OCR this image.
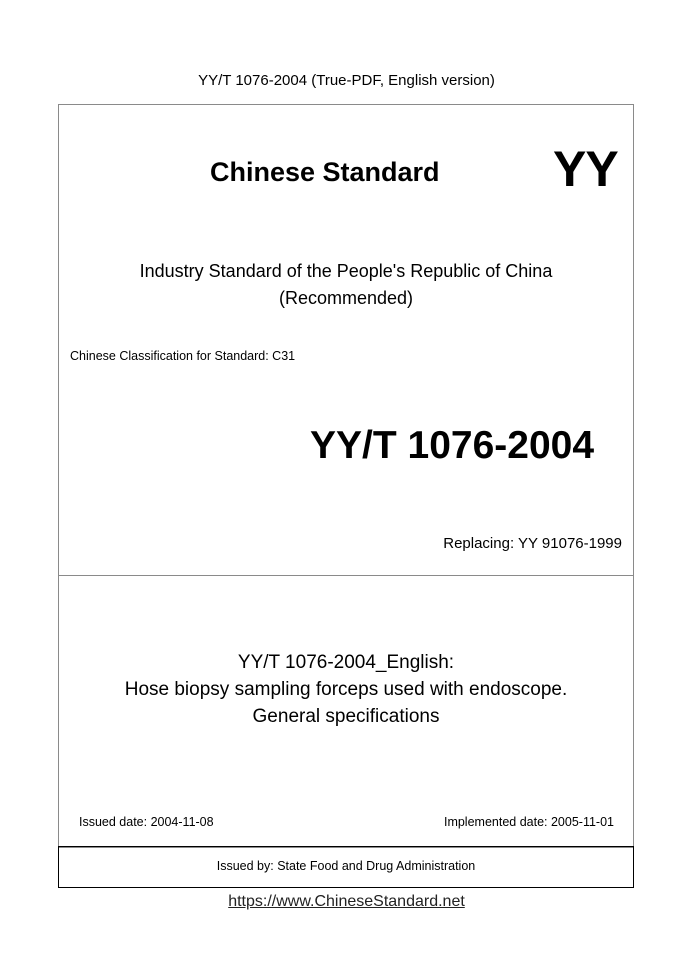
YY/T 1076-2004 (True-PDF, English version)
Chinese Standard YY
Industry Standard of the People's Republic of China
(Recommended)
Chinese Classification for Standard: C31
YY/T 1076-2004
Replacing: YY 91076-1999
YY/T 1076-2004_English:
Hose biopsy sampling forceps used with endoscope.
General specifications
Issued date: 2004-11-08	Implemented date: 2005-11-01
Issued by: State Food and Drug Administration
https://www.ChineseStandard.net
